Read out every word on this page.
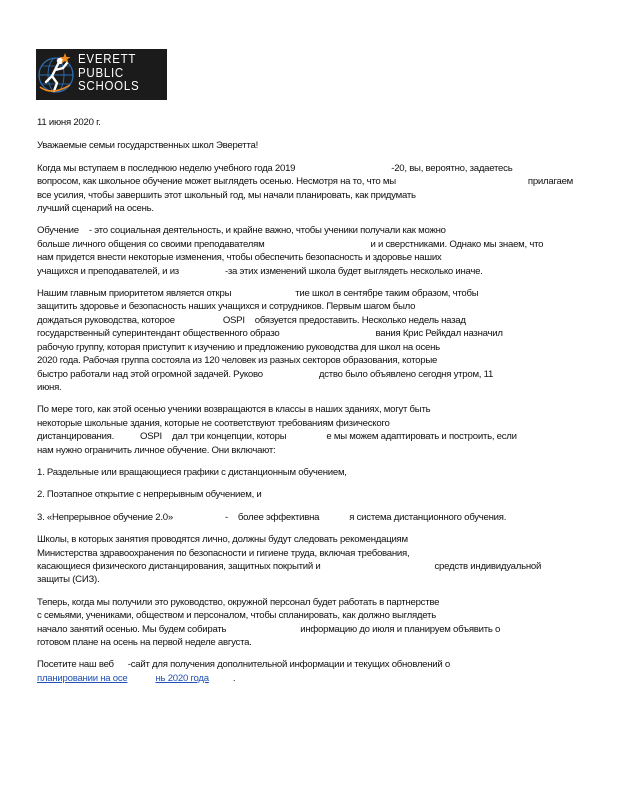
EVERETT
PUBLIC
SCHOOLS

11 июня 2020 г.

Уважаемые семьи государственных школ Эверетта!

Когда мы вступаем в последнюю неделю учебного года 2019	-20, вы, вероятно, задаетесь
вопросом, как школьное обучение может выглядеть осенью. Несмотря на то, что мы	прилагаем
все усилия, чтобы завершить этот школьный год, мы начали планировать, как придумать
лучший сценарий на осень.

Обучение - это социальная деятельность, и крайне важно, чтобы ученики получали как можно
больше личного общения со своими преподавателям	и и сверстниками. Однако мы знаем, что
нам придется внести некоторые изменения, чтобы обеспечить безопасность и здоровье наших
учащихся и преподавателей, и из	-за этих изменений школа будет выглядеть несколько иначе.

Нашим главным приоритетом является откры	тие школ в сентябре таким образом, чтобы
защитить здоровье и безопасность наших учащихся и сотрудников. Первым шагом было
дождаться руководства, которое	OSPI обязуется предоставить. Несколько недель назад
государственный суперинтендант общественного образо	вания Крис Рейкдал назначил
рабочую группу, которая приступит к изучению и предложению руководства для школ на осень
2020 года. Рабочая группа состояла из 120 человек из разных секторов образования, которые
быстро работали над этой огромной задачей. Руково	дство было объявлено сегодня утром, 11
июня.

По мере того, как этой осенью ученики возвращаются в классы в наших зданиях, могут быть
некоторые школьные здания, которые не соответствуют требованиям физического
дистанцирования.	OSPI дал три концепции, которы	е мы можем адаптировать и построить, если
нам нужно ограничить личное обучение. Они включают:

1. Раздельные или вращающиеся графики с дистанционным обучением,

2. Поэтапное открытие с непрерывным обучением, и

3. «Непрерывное обучение 2.0»	- более эффективна	я система дистанционного обучения.

Школы, в которых занятия проводятся лично, должны будут следовать рекомендациям
Министерства здравоохранения по безопасности и гигиене труда, включая требования,
касающиеся физического дистанцирования, защитных покрытий и	средств индивидуальной
защиты (СИЗ).

Теперь, когда мы получили это руководство, окружной персонал будет работать в партнерстве
с семьями, учениками, обществом и персоналом, чтобы спланировать, как должно выглядеть
начало занятий осенью. Мы будем собирать	информацию до июля и планируем объявить о
готовом плане на осень на первой неделе августа.

Посетите наш веб -сайт для получения дополнительной информации и текущих обновлений о
планировании на осе	нь 2020 года	.
